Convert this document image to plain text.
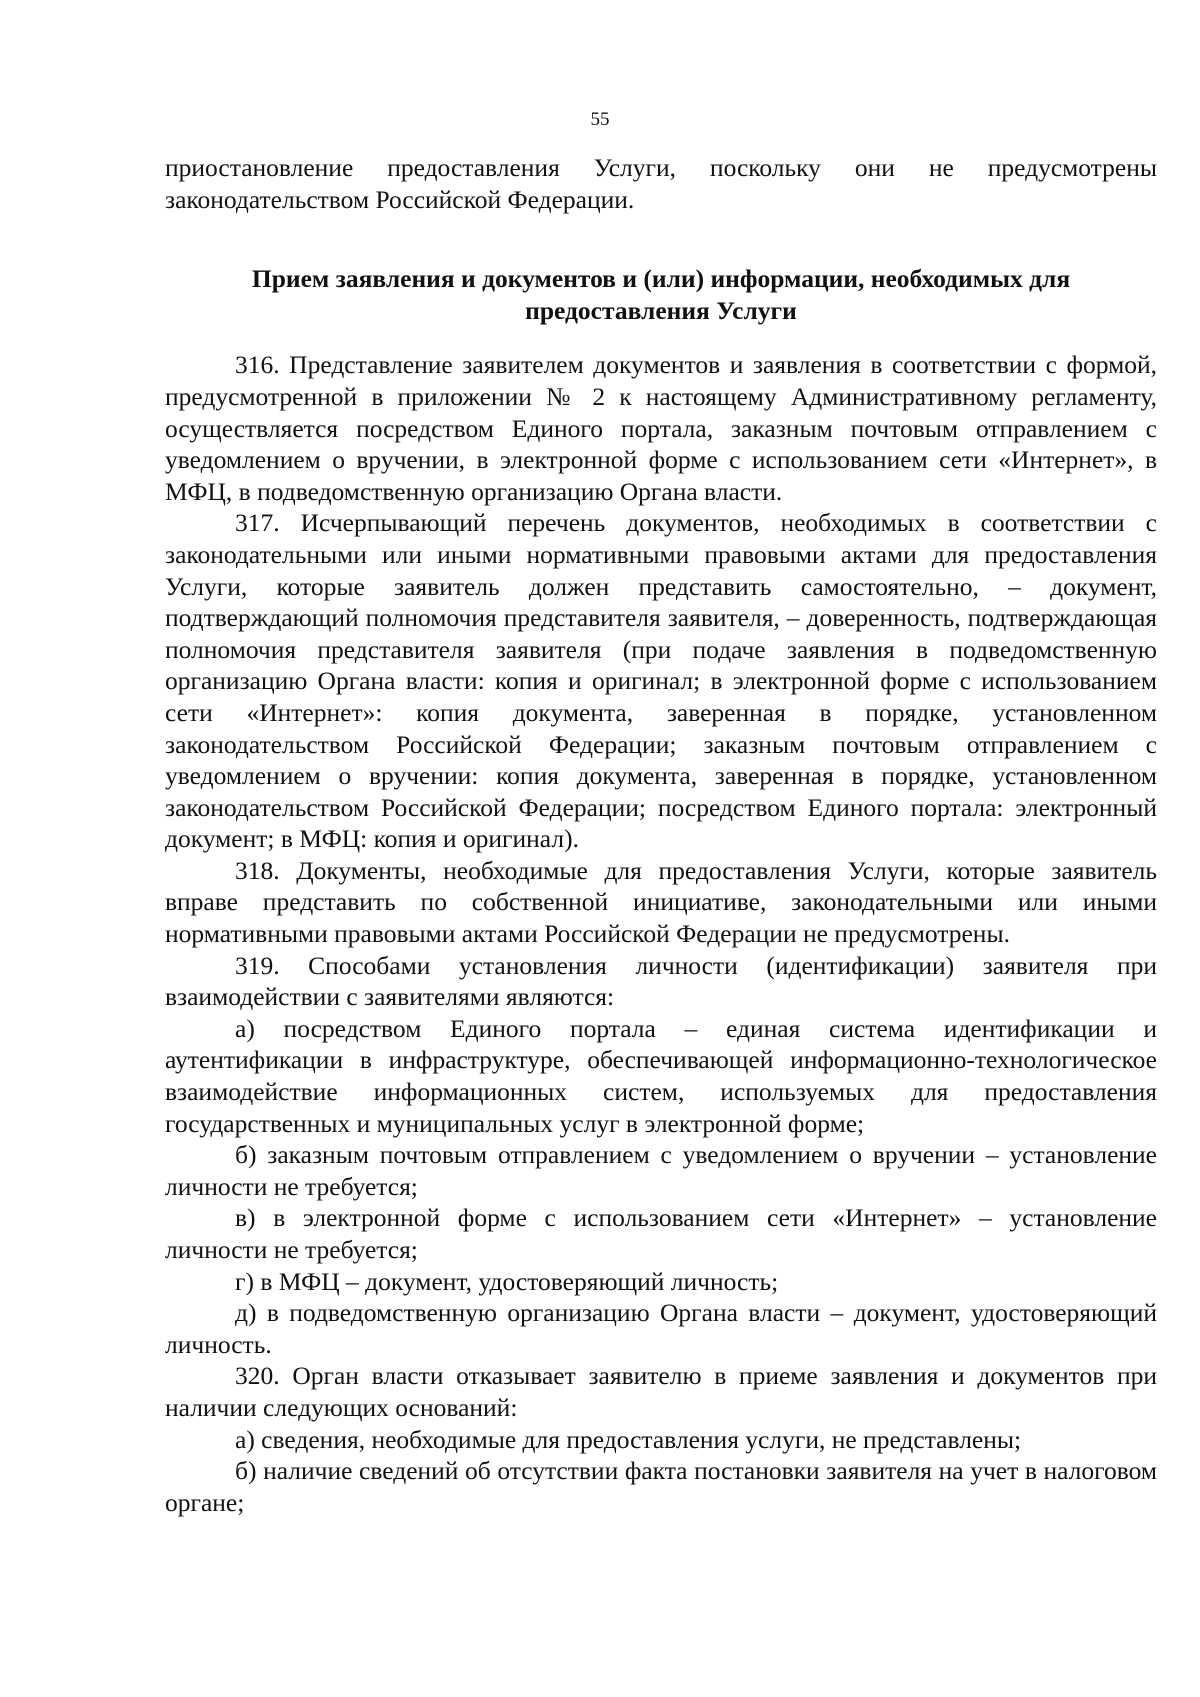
55

приостановление предоставления Услуги, поскольку они не предусмотрены законодательством Российской Федерации.

Прием заявления и документов и (или) информации, необходимых для предоставления Услуги

316. Представление заявителем документов и заявления в соответствии с формой, предусмотренной в приложении № 2 к настоящему Административному регламенту, осуществляется посредством Единого портала, заказным почтовым отправлением с уведомлением о вручении, в электронной форме с использованием сети «Интернет», в МФЦ, в подведомственную организацию Органа власти.

317. Исчерпывающий перечень документов, необходимых в соответствии с законодательными или иными нормативными правовыми актами для предоставления Услуги, которые заявитель должен представить самостоятельно, – документ, подтверждающий полномочия представителя заявителя, – доверенность, подтверждающая полномочия представителя заявителя (при подаче заявления в подведомственную организацию Органа власти: копия и оригинал; в электронной форме с использованием сети «Интернет»: копия документа, заверенная в порядке, установленном законодательством Российской Федерации; заказным почтовым отправлением с уведомлением о вручении: копия документа, заверенная в порядке, установленном законодательством Российской Федерации; посредством Единого портала: электронный документ; в МФЦ: копия и оригинал).

318. Документы, необходимые для предоставления Услуги, которые заявитель вправе представить по собственной инициативе, законодательными или иными нормативными правовыми актами Российской Федерации не предусмотрены.

319. Способами установления личности (идентификации) заявителя при взаимодействии с заявителями являются:

а) посредством Единого портала – единая система идентификации и аутентификации в инфраструктуре, обеспечивающей информационно-технологическое взаимодействие информационных систем, используемых для предоставления государственных и муниципальных услуг в электронной форме;

б) заказным почтовым отправлением с уведомлением о вручении – установление личности не требуется;

в) в электронной форме с использованием сети «Интернет» – установление личности не требуется;

г) в МФЦ – документ, удостоверяющий личность;

д) в подведомственную организацию Органа власти – документ, удостоверяющий личность.

320. Орган власти отказывает заявителю в приеме заявления и документов при наличии следующих оснований:

а) сведения, необходимые для предоставления услуги, не представлены;

б) наличие сведений об отсутствии факта постановки заявителя на учет в налоговом органе;
